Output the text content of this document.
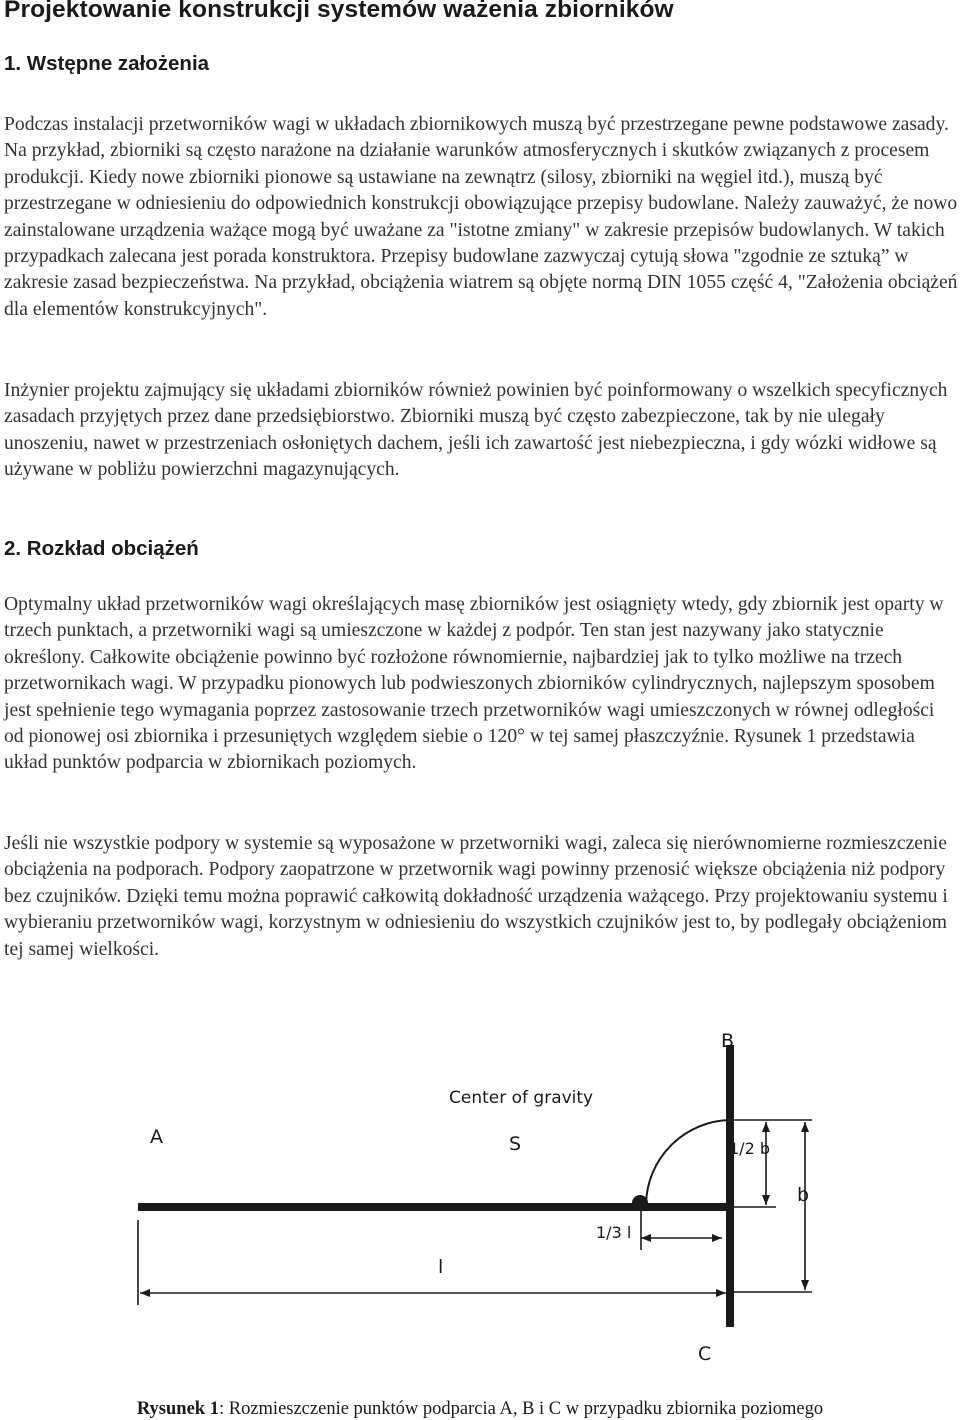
Projektowanie konstrukcji systemów ważenia zbiorników
1. Wstępne założenia

Podczas instalacji przetworników wagi w układach zbiornikowych muszą być przestrzegane pewne podstawowe zasady. Na przykład, zbiorniki są często narażone na działanie warunków atmosferycznych i skutków związanych z procesem produkcji. Kiedy nowe zbiorniki pionowe są ustawiane na zewnątrz (silosy, zbiorniki na węgiel itd.), muszą być przestrzegane w odniesieniu do odpowiednich konstrukcji obowiązujące przepisy budowlane. Należy zauważyć, że nowo zainstalowane urządzenia ważące mogą być uważane za "istotne zmiany" w zakresie przepisów budowlanych. W takich przypadkach zalecana jest porada konstruktora. Przepisy budowlane zazwyczaj cytują słowa "zgodnie ze sztuką” w zakresie zasad bezpieczeństwa. Na przykład, obciążenia wiatrem są objęte normą DIN 1055 część 4, "Założenia obciążeń dla elementów konstrukcyjnych".

Inżynier projektu zajmujący się układami zbiorników również powinien być poinformowany o wszelkich specyficznych zasadach przyjętych przez dane przedsiębiorstwo. Zbiorniki muszą być często zabezpieczone, tak by nie ulegały unoszeniu, nawet w przestrzeniach osłoniętych dachem, jeśli ich zawartość jest niebezpieczna, i gdy wózki widłowe są używane w pobliżu powierzchni magazynujących.

2. Rozkład obciążeń

Optymalny układ przetworników wagi określających masę zbiorników jest osiągnięty wtedy, gdy zbiornik jest oparty w trzech punktach, a przetworniki wagi są umieszczone w każdej z podpór. Ten stan jest nazywany jako statycznie określony. Całkowite obciążenie powinno być rozłożone równomiernie, najbardziej jak to tylko możliwe na trzech przetwornikach wagi. W przypadku pionowych lub podwieszonych zbiorników cylindrycznych, najlepszym sposobem jest spełnienie tego wymagania poprzez zastosowanie trzech przetworników wagi umieszczonych w równej odległości od pionowej osi zbiornika i przesuniętych względem siebie o 120° w tej samej płaszczyźnie. Rysunek 1 przedstawia układ punktów podparcia w zbiornikach poziomych.

Jeśli nie wszystkie podpory w systemie są wyposażone w przetworniki wagi, zaleca się nierównomierne rozmieszczenie obciążenia na podporach. Podpory zaopatrzone w przetwornik wagi powinny przenosić większe obciążenia niż podpory bez czujników. Dzięki temu można poprawić całkowitą dokładność urządzenia ważącego. Przy projektowaniu systemu i wybieraniu przetworników wagi, korzystnym w odniesieniu do wszystkich czujników jest to, by podlegały obciążeniom tej samej wielkości.

A
B
C
S
Center of gravity
1/2 b
b
1/3 l
l
Rysunek 1: Rozmieszczenie punktów podparcia A, B i C w przypadku zbiornika poziomego
